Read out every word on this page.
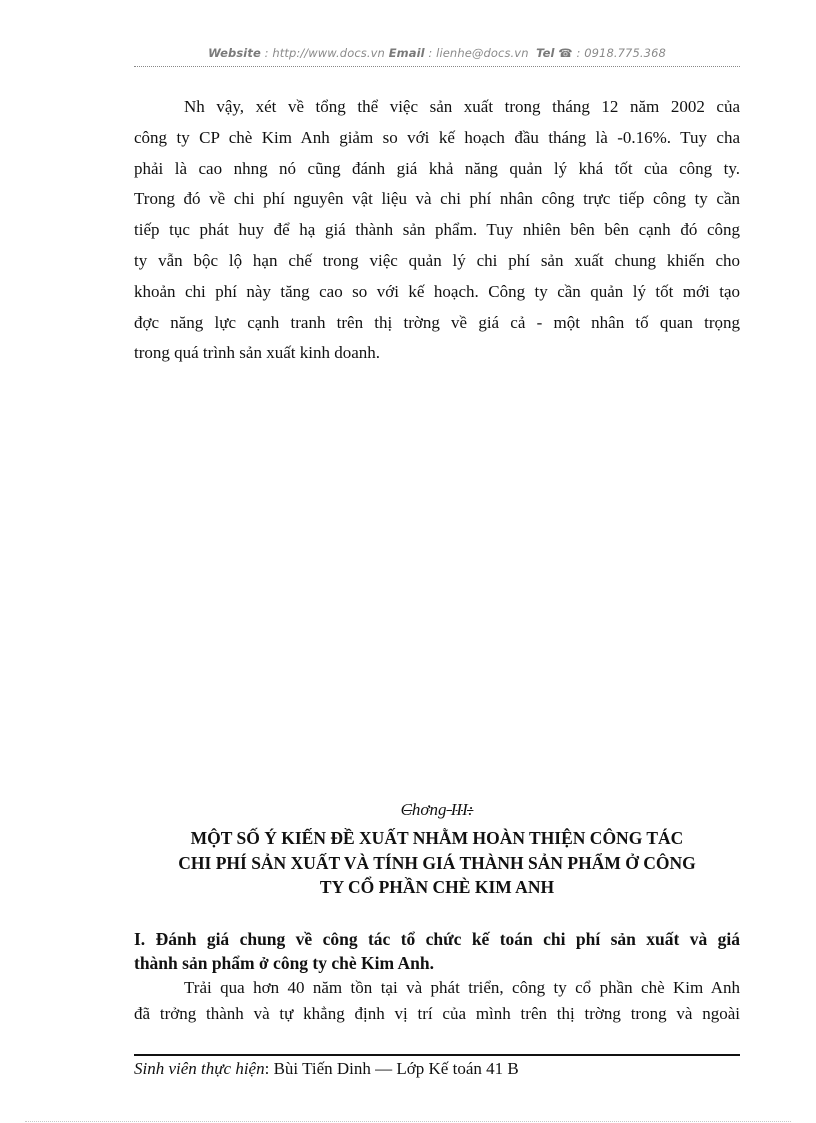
Website : http://www.docs.vn Email : lienhe@docs.vn Tel ☎ : 0918.775.368
Nh vậy, xét về tổng thể việc sản xuất trong tháng 12 năm 2002 của
công ty CP chè Kim Anh giảm so với kế hoạch đầu tháng là -0.16%. Tuy cha
phải là cao nhng nó cũng đánh giá khả năng quản lý khá tốt của công ty.
Trong đó về chi phí nguyên vật liệu và chi phí nhân công trực tiếp công ty cần
tiếp tục phát huy để hạ giá thành sản phẩm. Tuy nhiên bên bên cạnh đó công
ty vẫn bộc lộ hạn chế trong việc quản lý chi phí sản xuất chung khiến cho
khoản chi phí này tăng cao so với kế hoạch. Công ty cần quản lý tốt mới tạo
đợc năng lực cạnh tranh trên thị trờng về giá cả - một nhân tố quan trọng
trong quá trình sản xuất kinh doanh.
Chơng III:
MỘT SỐ Ý KIẾN ĐỀ XUẤT NHẰM HOÀN THIỆN CÔNG TÁC
CHI PHÍ SẢN XUẤT VÀ TÍNH GIÁ THÀNH SẢN PHẨM Ở CÔNG
TY CỔ PHẦN CHÈ KIM ANH
I. Đánh giá chung về công tác tổ chức kế toán chi phí sản xuất và giá
thành sản phẩm ở công ty chè Kim Anh.
Trải qua hơn 40 năm tồn tại và phát triển, công ty cổ phần chè Kim Anh
đã trởng thành và tự khẳng định vị trí của mình trên thị trờng trong và ngoài
Sinh viên thực hiện: Bùi Tiến Dinh — Lớp Kế toán 41 B
